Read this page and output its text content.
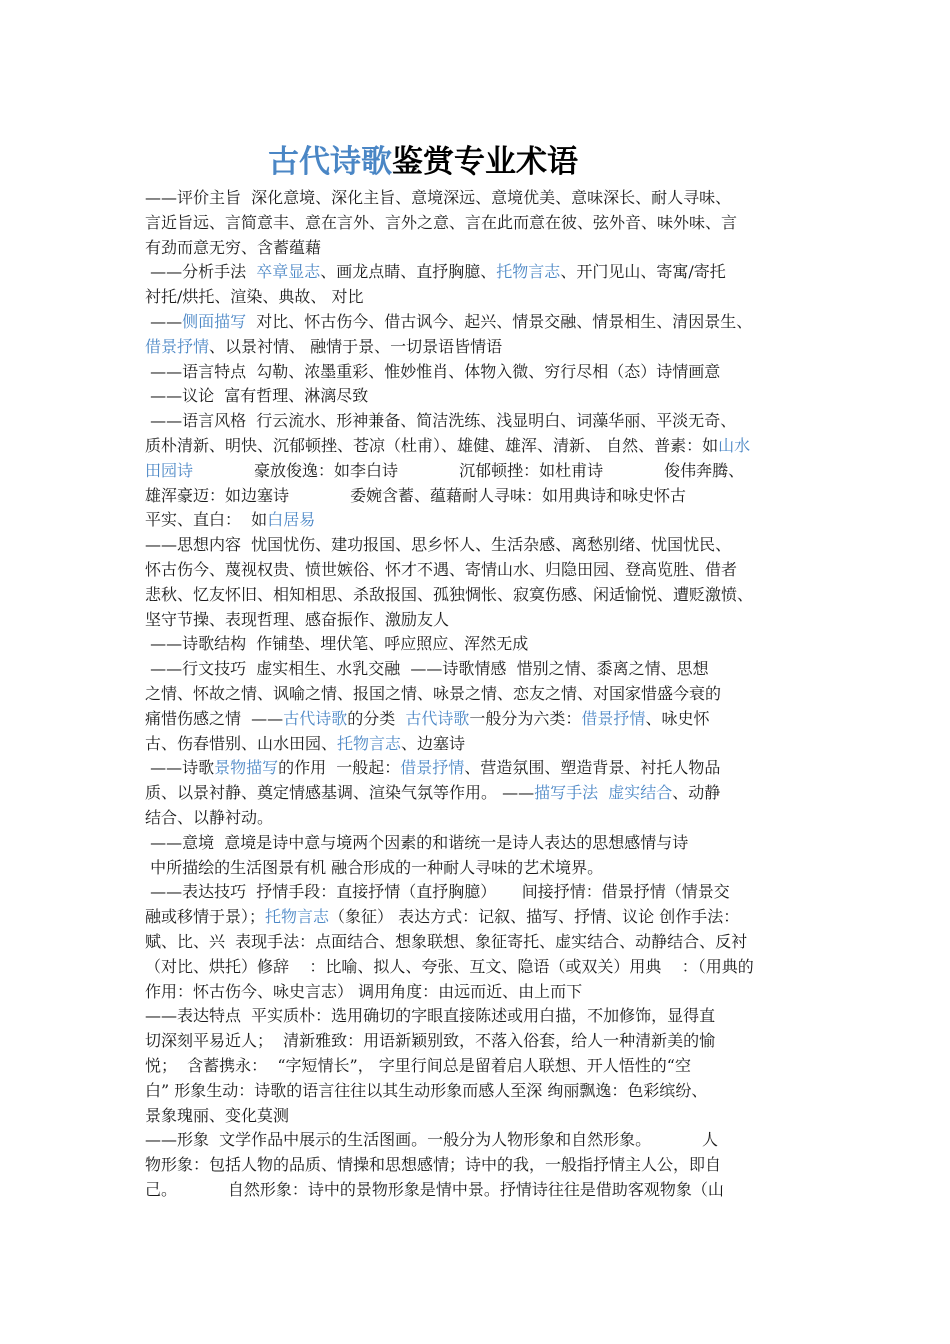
古代诗歌鉴赏专业术语
——评价主旨  深化意境、深化主旨、意境深远、意境优美、意味深长、耐人寻味、
言近旨远、言简意丰、意在言外、言外之意、言在此而意在彼、弦外音、味外味、言
有劲而意无穷、含蓄蕴藉
——分析手法  卒章显志、画龙点睛、直抒胸臆、托物言志、开门见山、寄寓/寄托
衬托/烘托、渲染、典故、 对比
——侧面描写  对比、怀古伤今、借古讽今、起兴、情景交融、情景相生、清因景生、
借景抒情、以景衬情、 融情于景、一切景语皆情语
——语言特点  勾勒、浓墨重彩、惟妙惟肖、体物入微、穷行尽相（态）诗情画意
——议论  富有哲理、淋漓尽致
——语言风格  行云流水、形神兼备、简洁洗练、浅显明白、词藻华丽、平淡无奇、
质朴清新、明快、沉郁顿挫、苍凉（杜甫）、雄健、雄浑、清新、 自然、普素：如山水
田园诗            豪放俊逸：如李白诗            沉郁顿挫：如杜甫诗            俊伟奔腾、
雄浑豪迈：如边塞诗            委婉含蓄、蕴藉耐人寻味：如用典诗和咏史怀古
平实、直白：  如白居易
——思想内容  忧国忧伤、建功报国、思乡怀人、生活杂感、离愁别绪、忧国忧民、
怀古伤今、蔑视权贵、愤世嫉俗、怀才不遇、寄情山水、归隐田园、登高览胜、借者
悲秋、忆友怀旧、相知相思、杀敌报国、孤独惆怅、寂寞伤感、闲适愉悦、遭贬激愤、
坚守节操、表现哲理、感奋振作、激励友人
——诗歌结构  作铺垫、埋伏笔、呼应照应、浑然无成
——行文技巧  虚实相生、水乳交融  ——诗歌情感  惜别之情、黍离之情、思想
之情、怀故之情、讽喻之情、报国之情、咏景之情、恋友之情、对国家惜盛今衰的
痛惜伤感之情  ——古代诗歌的分类  古代诗歌一般分为六类：借景抒情、咏史怀
古、伤春惜别、山水田园、托物言志、边塞诗
——诗歌景物描写的作用  一般起：借景抒情、营造氛围、塑造背景、衬托人物品
质、以景衬静、奠定情感基调、渲染气氛等作用。 ——描写手法 虚实结合、动静
结合、以静衬动。
——意境  意境是诗中意与境两个因素的和谐统一是诗人表达的思想感情与诗
中所描绘的生活图景有机 融合形成的一种耐人寻味的艺术境界。
——表达技巧  抒情手段：直接抒情（直抒胸臆）     间接抒情：借景抒情（情景交
融或移情于景）；托物言志（象征） 表达方式：记叙、描写、抒情、议论 创作手法：
赋、比、兴  表现手法：点面结合、想象联想、象征寄托、虚实结合、动静结合、反衬
（对比、烘托）修辞    ：比喻、拟人、夸张、互文、隐语（或双关）用典    ：（用典的
作用：怀古伤今、咏史言志） 调用角度：由远而近、由上而下
——表达特点  平实质朴：选用确切的字眼直接陈述或用白描，不加修饰，显得直
切深刻平易近人；  清新雅致：用语新颖别致，不落入俗套，给人一种清新美的愉
悦；  含蓄携永：  “字短情长”， 字里行间总是留着启人联想、开人悟性的“空
白” 形象生动：诗歌的语言往往以其生动形象而感人至深 绚丽飘逸：色彩缤纷、
景象瑰丽、变化莫测
——形象  文学作品中展示的生活图画。一般分为人物形象和自然形象。          人
物形象：包括人物的品质、情操和思想感情；诗中的我，一般指抒情主人公，即自
己。          自然形象：诗中的景物形象是情中景。抒情诗往往是借助客观物象（山
